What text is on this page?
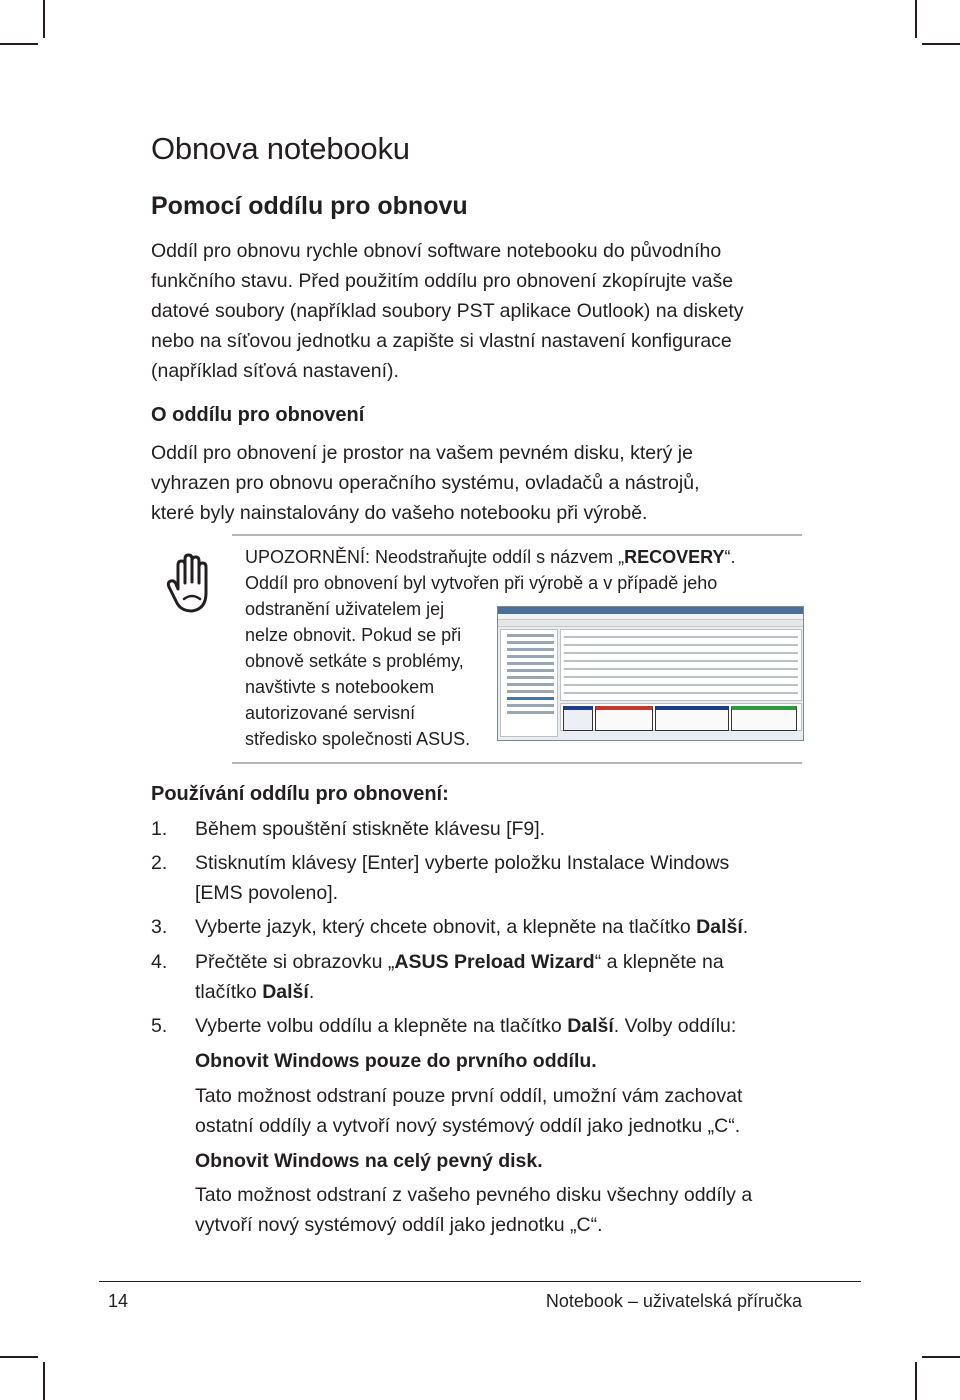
Obnova notebooku
Pomocí oddílu pro obnovu
Oddíl pro obnovu rychle obnoví software notebooku do původního
funkčního stavu. Před použitím oddílu pro obnovení zkopírujte vaše
datové soubory (například soubory PST aplikace Outlook) na diskety
nebo na síťovou jednotku a zapište si vlastní nastavení konfigurace
(například síťová nastavení).
O oddílu pro obnovení
Oddíl pro obnovení je prostor na vašem pevném disku, který je
vyhrazen pro obnovu operačního systému, ovladačů a nástrojů,
které byly nainstalovány do vašeho notebooku při výrobě.
UPOZORNĚNÍ: Neodstraňujte oddíl s názvem „RECOVERY“.
Oddíl pro obnovení byl vytvořen při výrobě a v případě jeho
odstranění uživatelem jej
nelze obnovit. Pokud se při
obnově setkáte s problémy,
navštivte s notebookem
autorizované servisní
středisko společnosti ASUS.
Používání oddílu pro obnovení:
1. Během spouštění stiskněte klávesu [F9].
2. Stisknutím klávesy [Enter] vyberte položku Instalace Windows
[EMS povoleno].
3. Vyberte jazyk, který chcete obnovit, a klepněte na tlačítko Další.
4. Přečtěte si obrazovku „ASUS Preload Wizard“ a klepněte na
tlačítko Další.
5. Vyberte volbu oddílu a klepněte na tlačítko Další. Volby oddílu:
Obnovit Windows pouze do prvního oddílu.
Tato možnost odstraní pouze první oddíl, umožní vám zachovat
ostatní oddíly a vytvoří nový systémový oddíl jako jednotku „C“.
Obnovit Windows na celý pevný disk.
Tato možnost odstraní z vašeho pevného disku všechny oddíly a
vytvoří nový systémový oddíl jako jednotku „C“.
14	Notebook – uživatelská příručka
